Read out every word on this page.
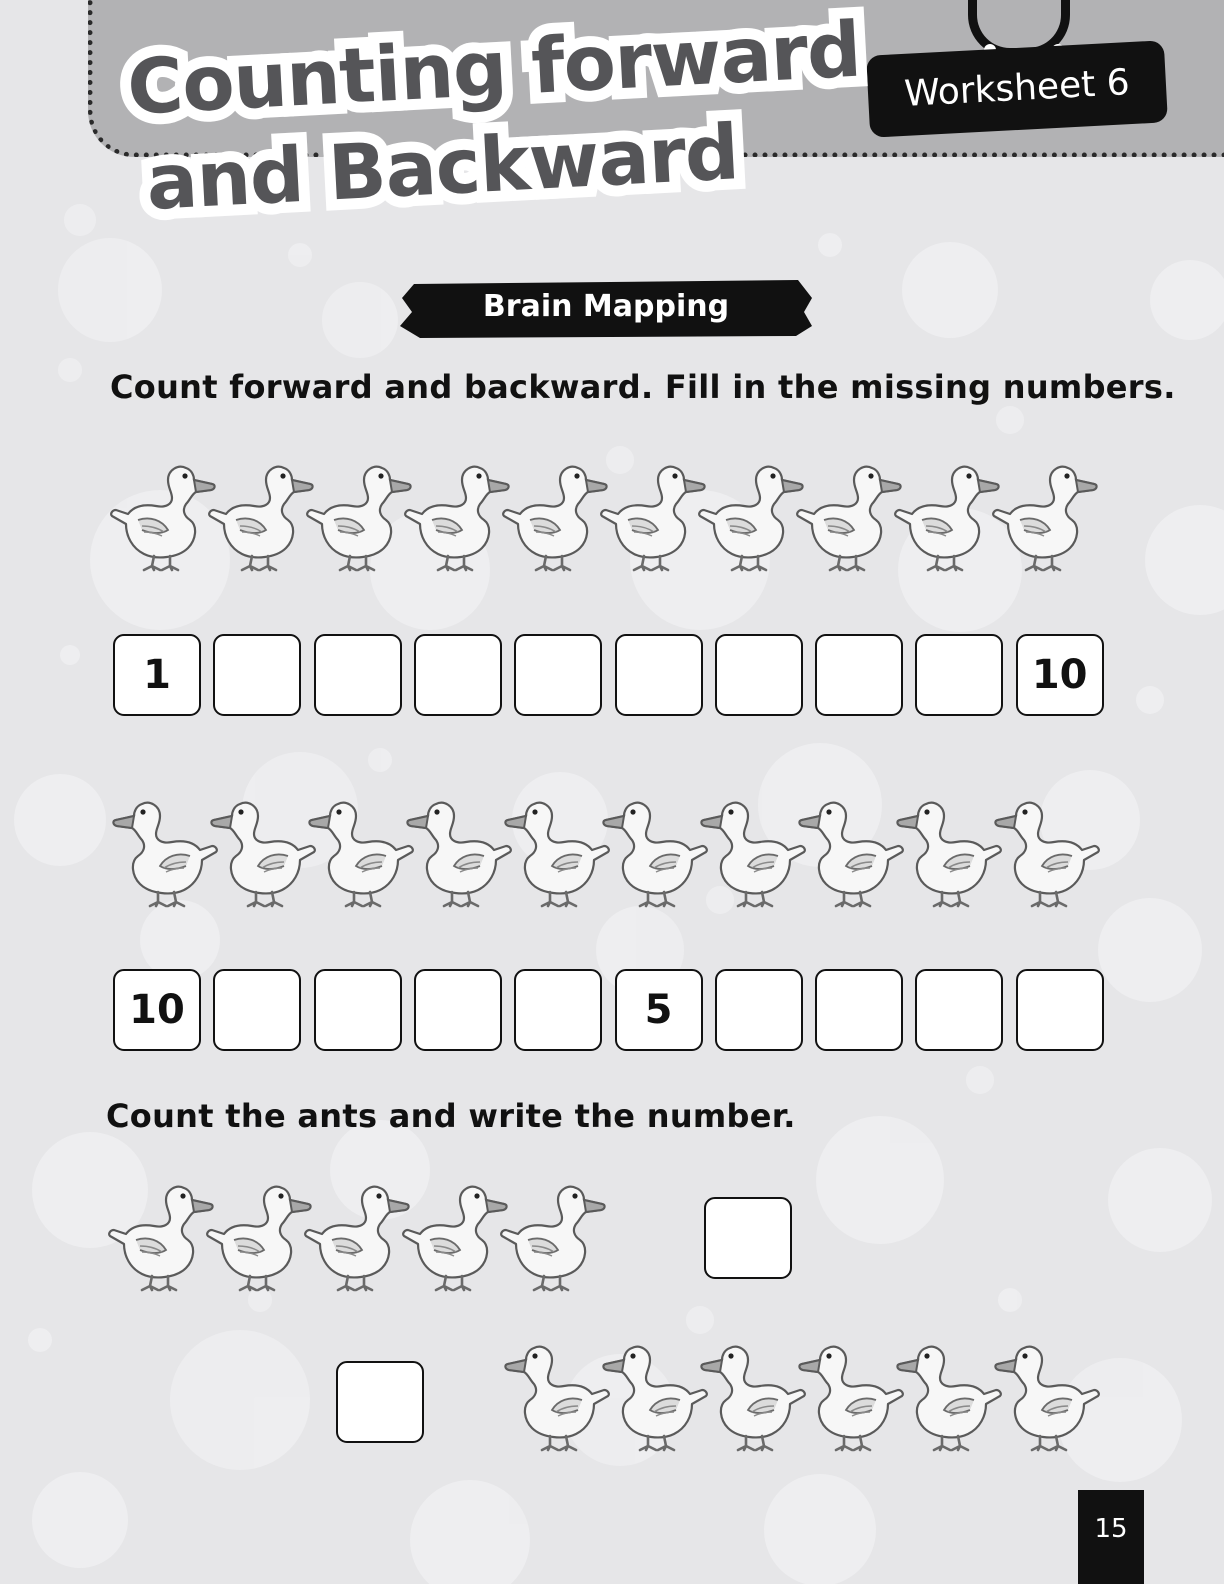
Worksheet 6
Counting forward
and Backward
Brain Mapping

Count forward and backward. Fill in the missing numbers.

1	10
10	5

Count the ants and write the number.

15
